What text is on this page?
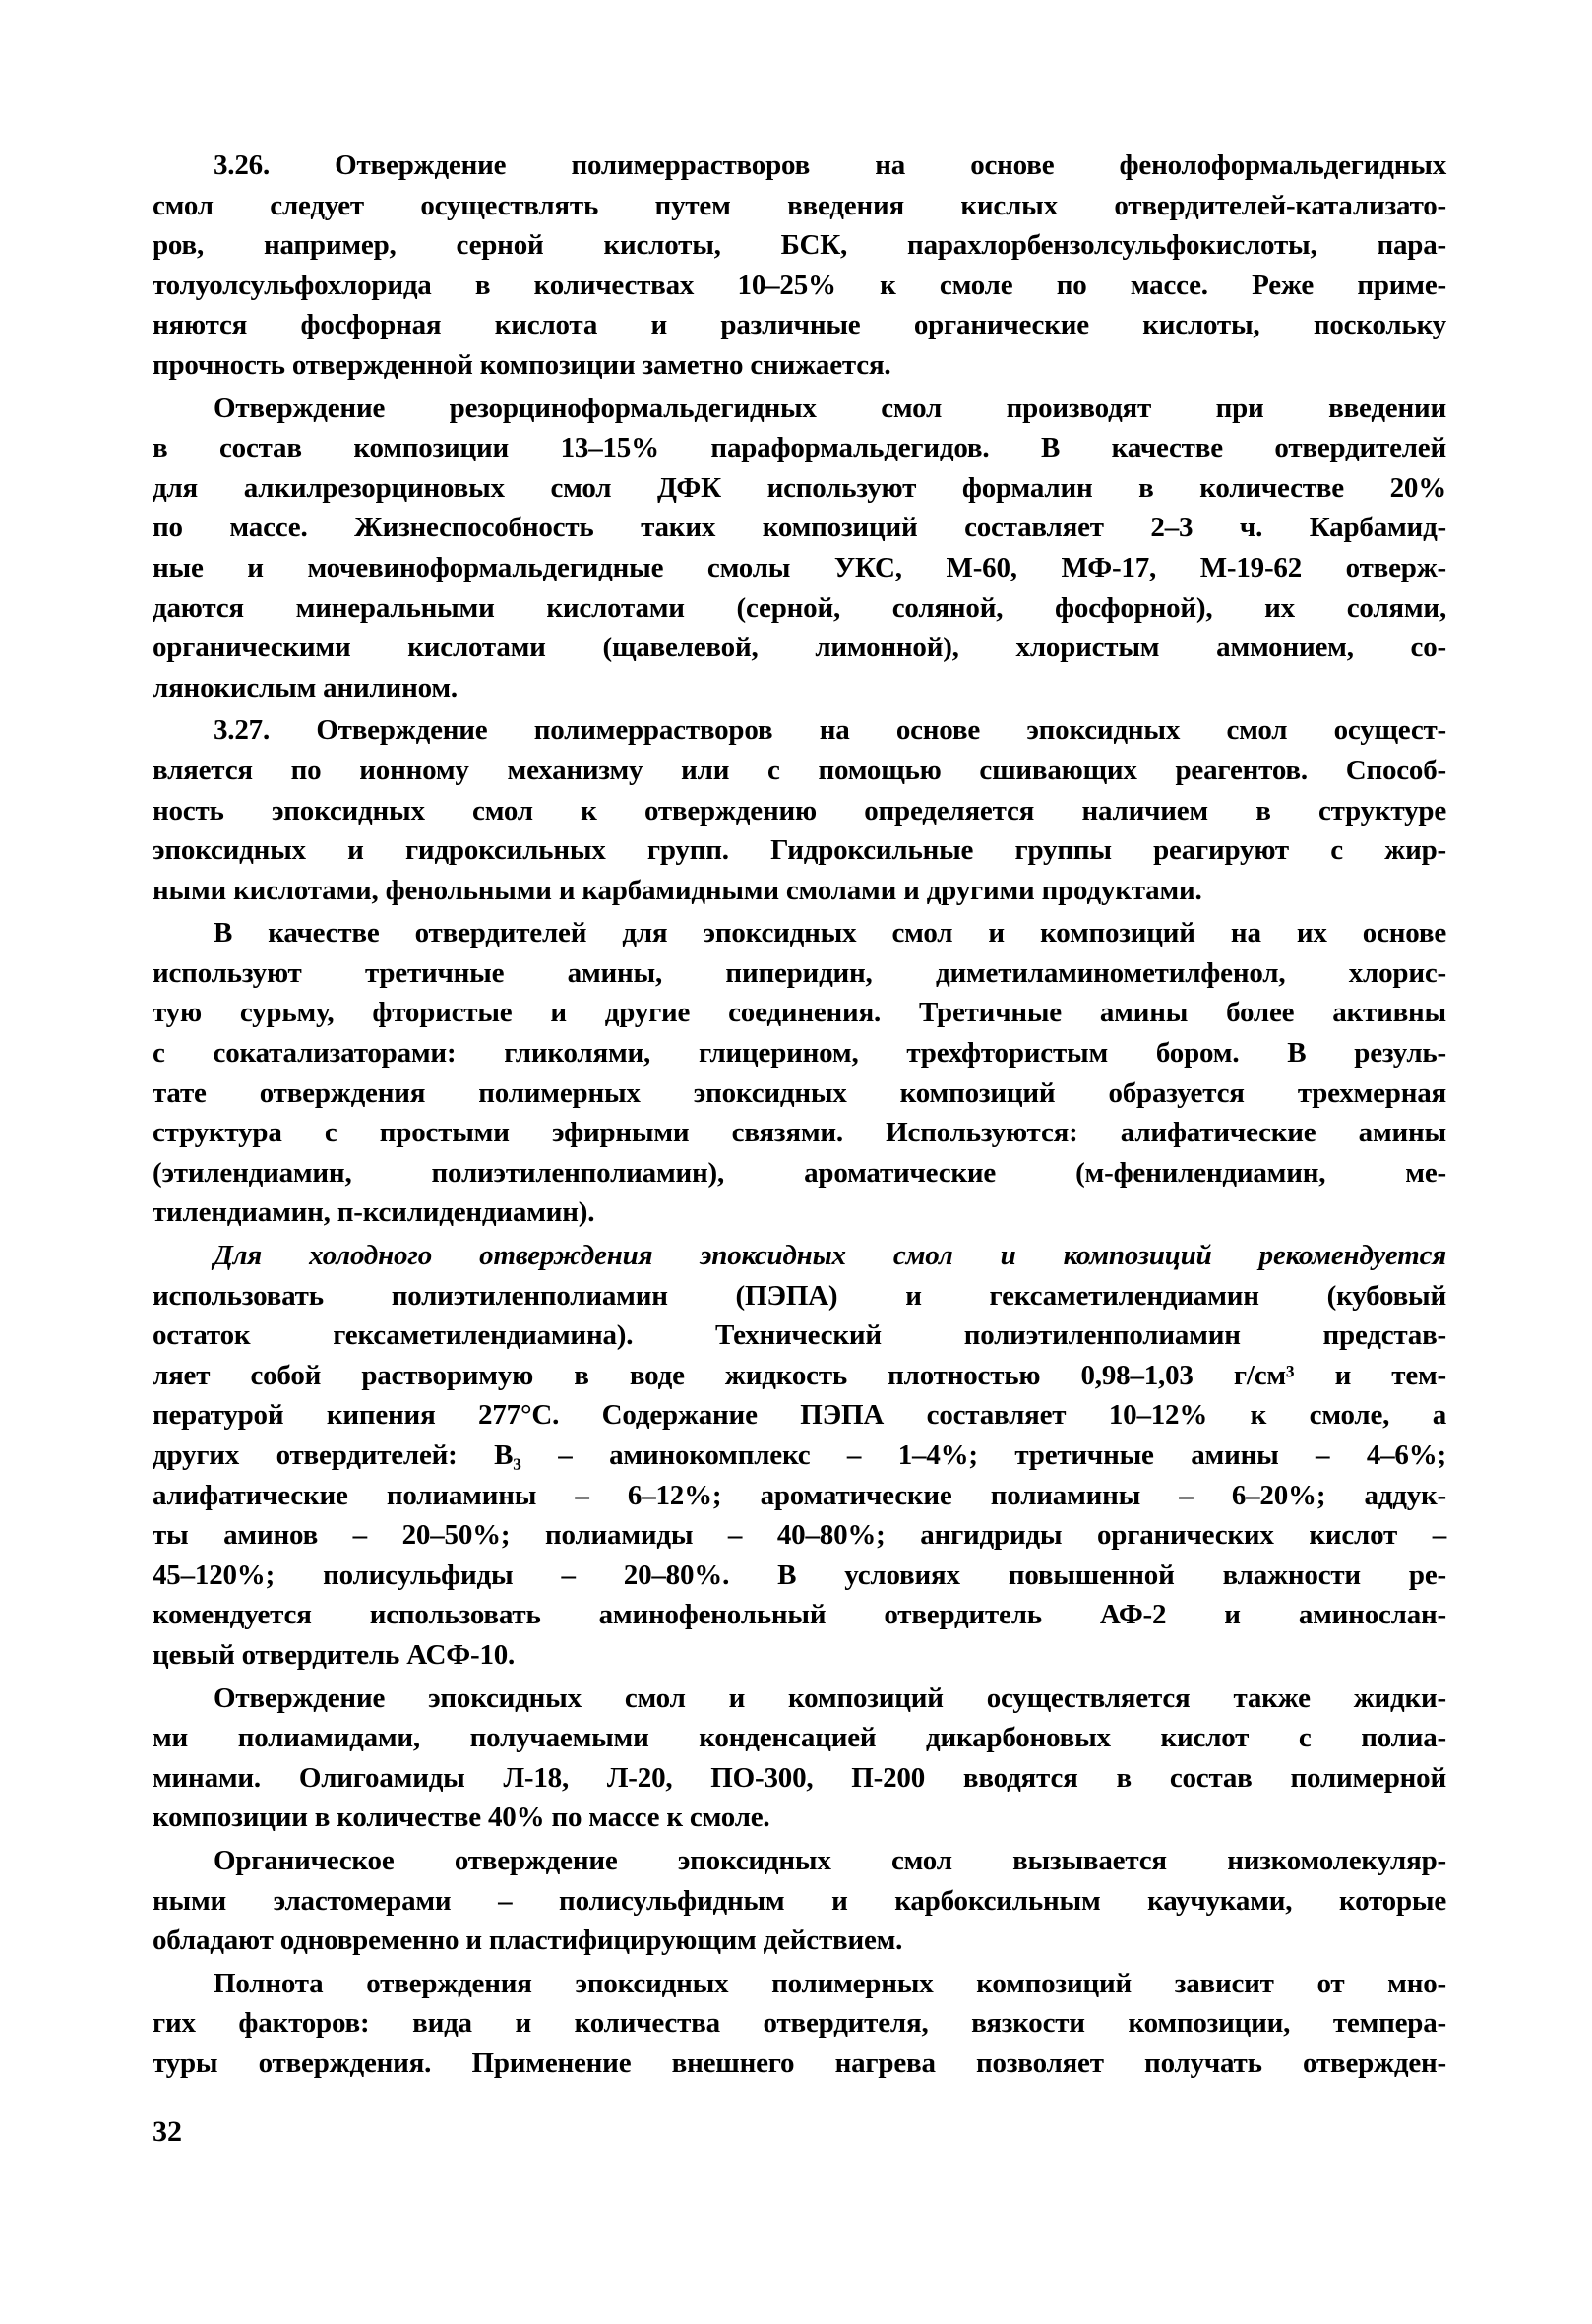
3.26. Отверждение полимеррастворов на основе фенолоформальдегидных
смол следует осуществлять путем введения кислых отвердителей-катализато-
ров, например, серной кислоты, БСК, парахлорбензолсульфокислоты, пара-
толуолсульфохлорида в количествах 10–25% к смоле по массе. Реже приме-
няются фосфорная кислота и различные органические кислоты, поскольку
прочность отвержденной композиции заметно снижается.
Отверждение резорциноформальдегидных смол производят при введении
в состав композиции 13–15% параформальдегидов. В качестве отвердителей
для алкилрезорциновых смол ДФК используют формалин в количестве 20%
по массе. Жизнеспособность таких композиций составляет 2–3 ч. Карбамид-
ные и мочевиноформальдегидные смолы УКС, М-60, МФ-17, М-19-62 отверж-
даются минеральными кислотами (серной, соляной, фосфорной), их солями,
органическими кислотами (щавелевой, лимонной), хлористым аммонием, со-
лянокислым анилином.
3.27. Отверждение полимеррастворов на основе эпоксидных смол осущест-
вляется по ионному механизму или с помощью сшивающих реагентов. Способ-
ность эпоксидных смол к отверждению определяется наличием в структуре
эпоксидных и гидроксильных групп. Гидроксильные группы реагируют с жир-
ными кислотами, фенольными и карбамидными смолами и другими продуктами.
В качестве отвердителей для эпоксидных смол и композиций на их основе
используют третичные амины, пиперидин, диметиламинометилфенол, хлорис-
тую сурьму, фтористые и другие соединения. Третичные амины более активны
с сокатализаторами: гликолями, глицерином, трехфтористым бором. В резуль-
тате отверждения полимерных эпоксидных композиций образуется трехмерная
структура с простыми эфирными связями. Используются: алифатические амины
(этилендиамин, полиэтиленполиамин), ароматические (м-фенилендиамин, ме-
тилендиамин, п-ксилидендиамин).
Для холодного отверждения эпоксидных смол и композиций рекомендуется
использовать полиэтиленполиамин (ПЭПА) и гексаметилендиамин (кубовый
остаток гексаметилендиамина). Технический полиэтиленполиамин представ-
ляет собой растворимую в воде жидкость плотностью 0,98–1,03 г/см³ и тем-
пературой кипения 277°С. Содержание ПЭПА составляет 10–12% к смоле, а
других отвердителей: В₃ – аминокомплекс – 1–4%; третичные амины – 4–6%;
алифатические полиамины – 6–12%; ароматические полиамины – 6–20%; аддук-
ты аминов – 20–50%; полиамиды – 40–80%; ангидриды органических кислот –
45–120%; полисульфиды – 20–80%. В условиях повышенной влажности ре-
комендуется использовать аминофенольный отвердитель АФ-2 и аминослан-
цевый отвердитель АСФ-10.
Отверждение эпоксидных смол и композиций осуществляется также жидки-
ми полиамидами, получаемыми конденсацией дикарбоновых кислот с полиа-
минами. Олигоамиды Л-18, Л-20, ПО-300, П-200 вводятся в состав полимерной
композиции в количестве 40% по массе к смоле.
Органическое отверждение эпоксидных смол вызывается низкомолекуляр-
ными эластомерами – полисульфидным и карбоксильным каучуками, которые
обладают одновременно и пластифицирующим действием.
Полнота отверждения эпоксидных полимерных композиций зависит от мно-
гих факторов: вида и количества отвердителя, вязкости композиции, темпера-
туры отверждения. Применение внешнего нагрева позволяет получать отвержден-
32
